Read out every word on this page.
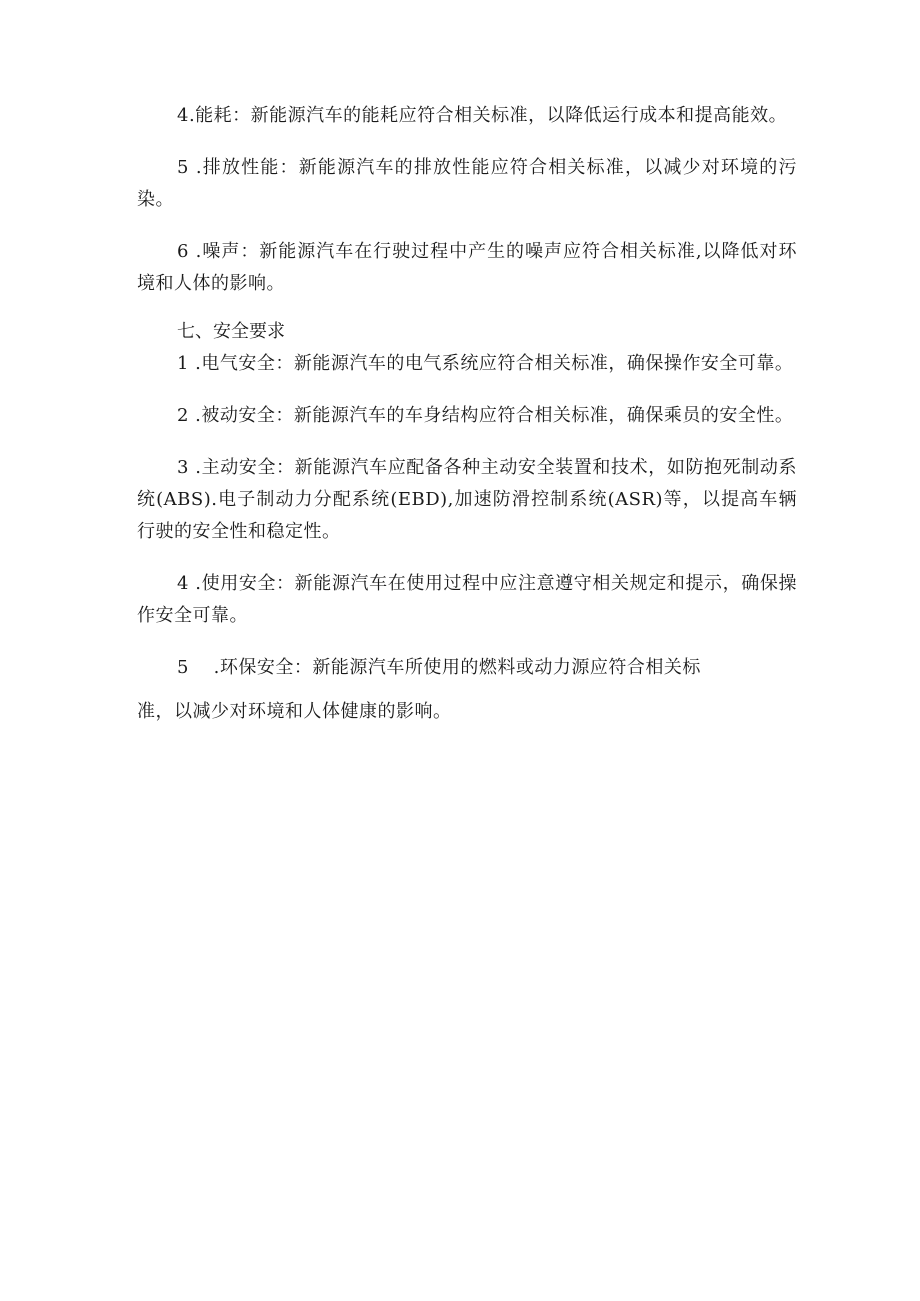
4.能耗：新能源汽车的能耗应符合相关标准，以降低运行成本和提高能效。

5 .排放性能：新能源汽车的排放性能应符合相关标准，以减少对环境的污染。

6 .噪声：新能源汽车在行驶过程中产生的噪声应符合相关标准,以降低对环境和人体的影响。

七、安全要求

1 .电气安全：新能源汽车的电气系统应符合相关标准，确保操作安全可靠。

2 .被动安全：新能源汽车的车身结构应符合相关标准，确保乘员的安全性。

3 .主动安全：新能源汽车应配备各种主动安全装置和技术，如防抱死制动系统(ABS).电子制动力分配系统(EBD),加速防滑控制系统(ASR)等，以提高车辆行驶的安全性和稳定性。

4 .使用安全：新能源汽车在使用过程中应注意遵守相关规定和提示，确保操作安全可靠。

5　 .环保安全：新能源汽车所使用的燃料或动力源应符合相关标
准，以减少对环境和人体健康的影响。
